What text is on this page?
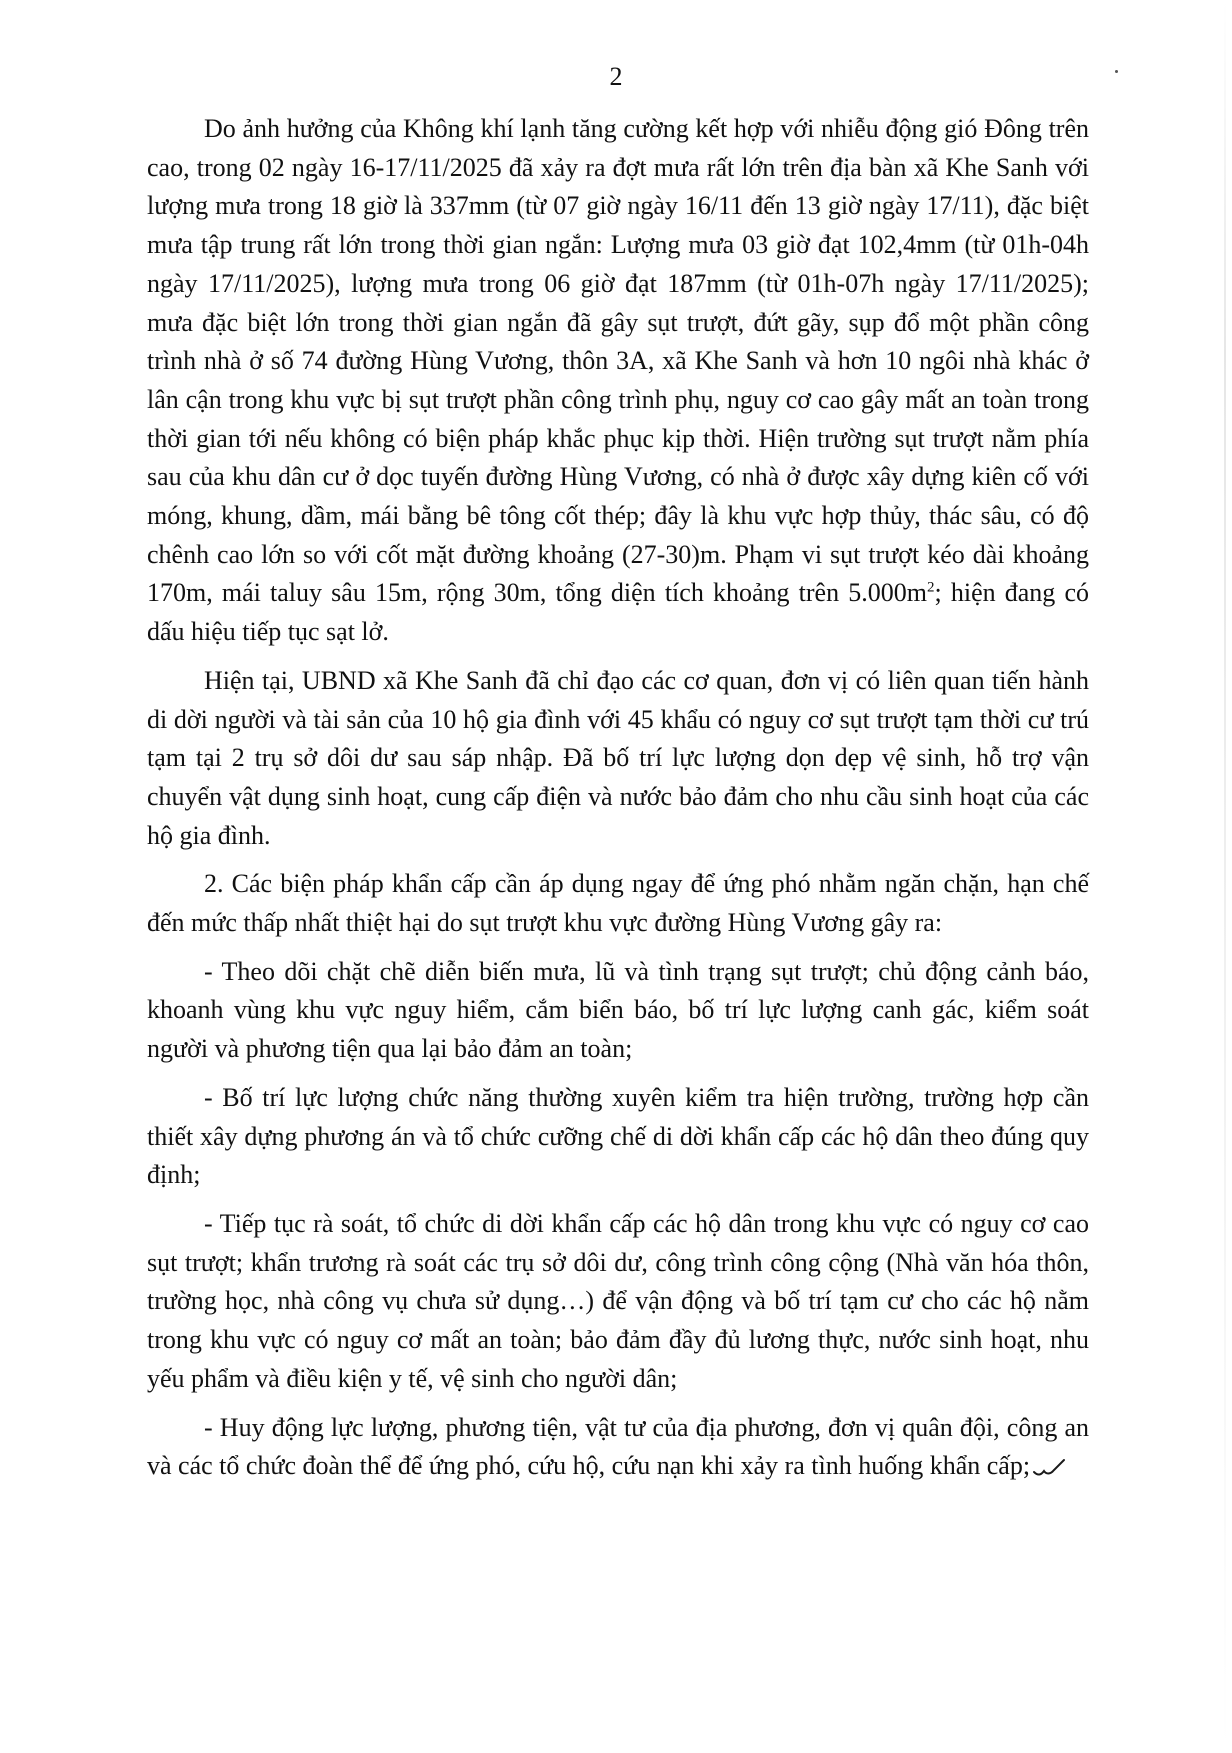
2

Do ảnh hưởng của Không khí lạnh tăng cường kết hợp với nhiễu động gió Đông trên cao, trong 02 ngày 16-17/11/2025 đã xảy ra đợt mưa rất lớn trên địa bàn xã Khe Sanh với lượng mưa trong 18 giờ là 337mm (từ 07 giờ ngày 16/11 đến 13 giờ ngày 17/11), đặc biệt mưa tập trung rất lớn trong thời gian ngắn: Lượng mưa 03 giờ đạt 102,4mm (từ 01h-04h ngày 17/11/2025), lượng mưa trong 06 giờ đạt 187mm (từ 01h-07h ngày 17/11/2025); mưa đặc biệt lớn trong thời gian ngắn đã gây sụt trượt, đứt gãy, sụp đổ một phần công trình nhà ở số 74 đường Hùng Vương, thôn 3A, xã Khe Sanh và hơn 10 ngôi nhà khác ở lân cận trong khu vực bị sụt trượt phần công trình phụ, nguy cơ cao gây mất an toàn trong thời gian tới nếu không có biện pháp khắc phục kịp thời. Hiện trường sụt trượt nằm phía sau của khu dân cư ở dọc tuyến đường Hùng Vương, có nhà ở được xây dựng kiên cố với móng, khung, dầm, mái bằng bê tông cốt thép; đây là khu vực hợp thủy, thác sâu, có độ chênh cao lớn so với cốt mặt đường khoảng (27-30)m. Phạm vi sụt trượt kéo dài khoảng 170m, mái taluy sâu 15m, rộng 30m, tổng diện tích khoảng trên $5.000m^2$; hiện đang có dấu hiệu tiếp tục sạt lở.

Hiện tại, UBND xã Khe Sanh đã chỉ đạo các cơ quan, đơn vị có liên quan tiến hành di dời người và tài sản của 10 hộ gia đình với 45 khẩu có nguy cơ sụt trượt tạm thời cư trú tạm tại 2 trụ sở dôi dư sau sáp nhập. Đã bố trí lực lượng dọn dẹp vệ sinh, hỗ trợ vận chuyển vật dụng sinh hoạt, cung cấp điện và nước bảo đảm cho nhu cầu sinh hoạt của các hộ gia đình.

2. Các biện pháp khẩn cấp cần áp dụng ngay để ứng phó nhằm ngăn chặn, hạn chế đến mức thấp nhất thiệt hại do sụt trượt khu vực đường Hùng Vương gây ra:

- Theo dõi chặt chẽ diễn biến mưa, lũ và tình trạng sụt trượt; chủ động cảnh báo, khoanh vùng khu vực nguy hiểm, cắm biển báo, bố trí lực lượng canh gác, kiểm soát người và phương tiện qua lại bảo đảm an toàn;

- Bố trí lực lượng chức năng thường xuyên kiểm tra hiện trường, trường hợp cần thiết xây dựng phương án và tổ chức cưỡng chế di dời khẩn cấp các hộ dân theo đúng quy định;

- Tiếp tục rà soát, tổ chức di dời khẩn cấp các hộ dân trong khu vực có nguy cơ cao sụt trượt; khẩn trương rà soát các trụ sở dôi dư, công trình công cộng (Nhà văn hóa thôn, trường học, nhà công vụ chưa sử dụng…) để vận động và bố trí tạm cư cho các hộ nằm trong khu vực có nguy cơ mất an toàn; bảo đảm đầy đủ lương thực, nước sinh hoạt, nhu yếu phẩm và điều kiện y tế, vệ sinh cho người dân;

- Huy động lực lượng, phương tiện, vật tư của địa phương, đơn vị quân đội, công an và các tổ chức đoàn thể để ứng phó, cứu hộ, cứu nạn khi xảy ra tình huống khẩn cấp;
